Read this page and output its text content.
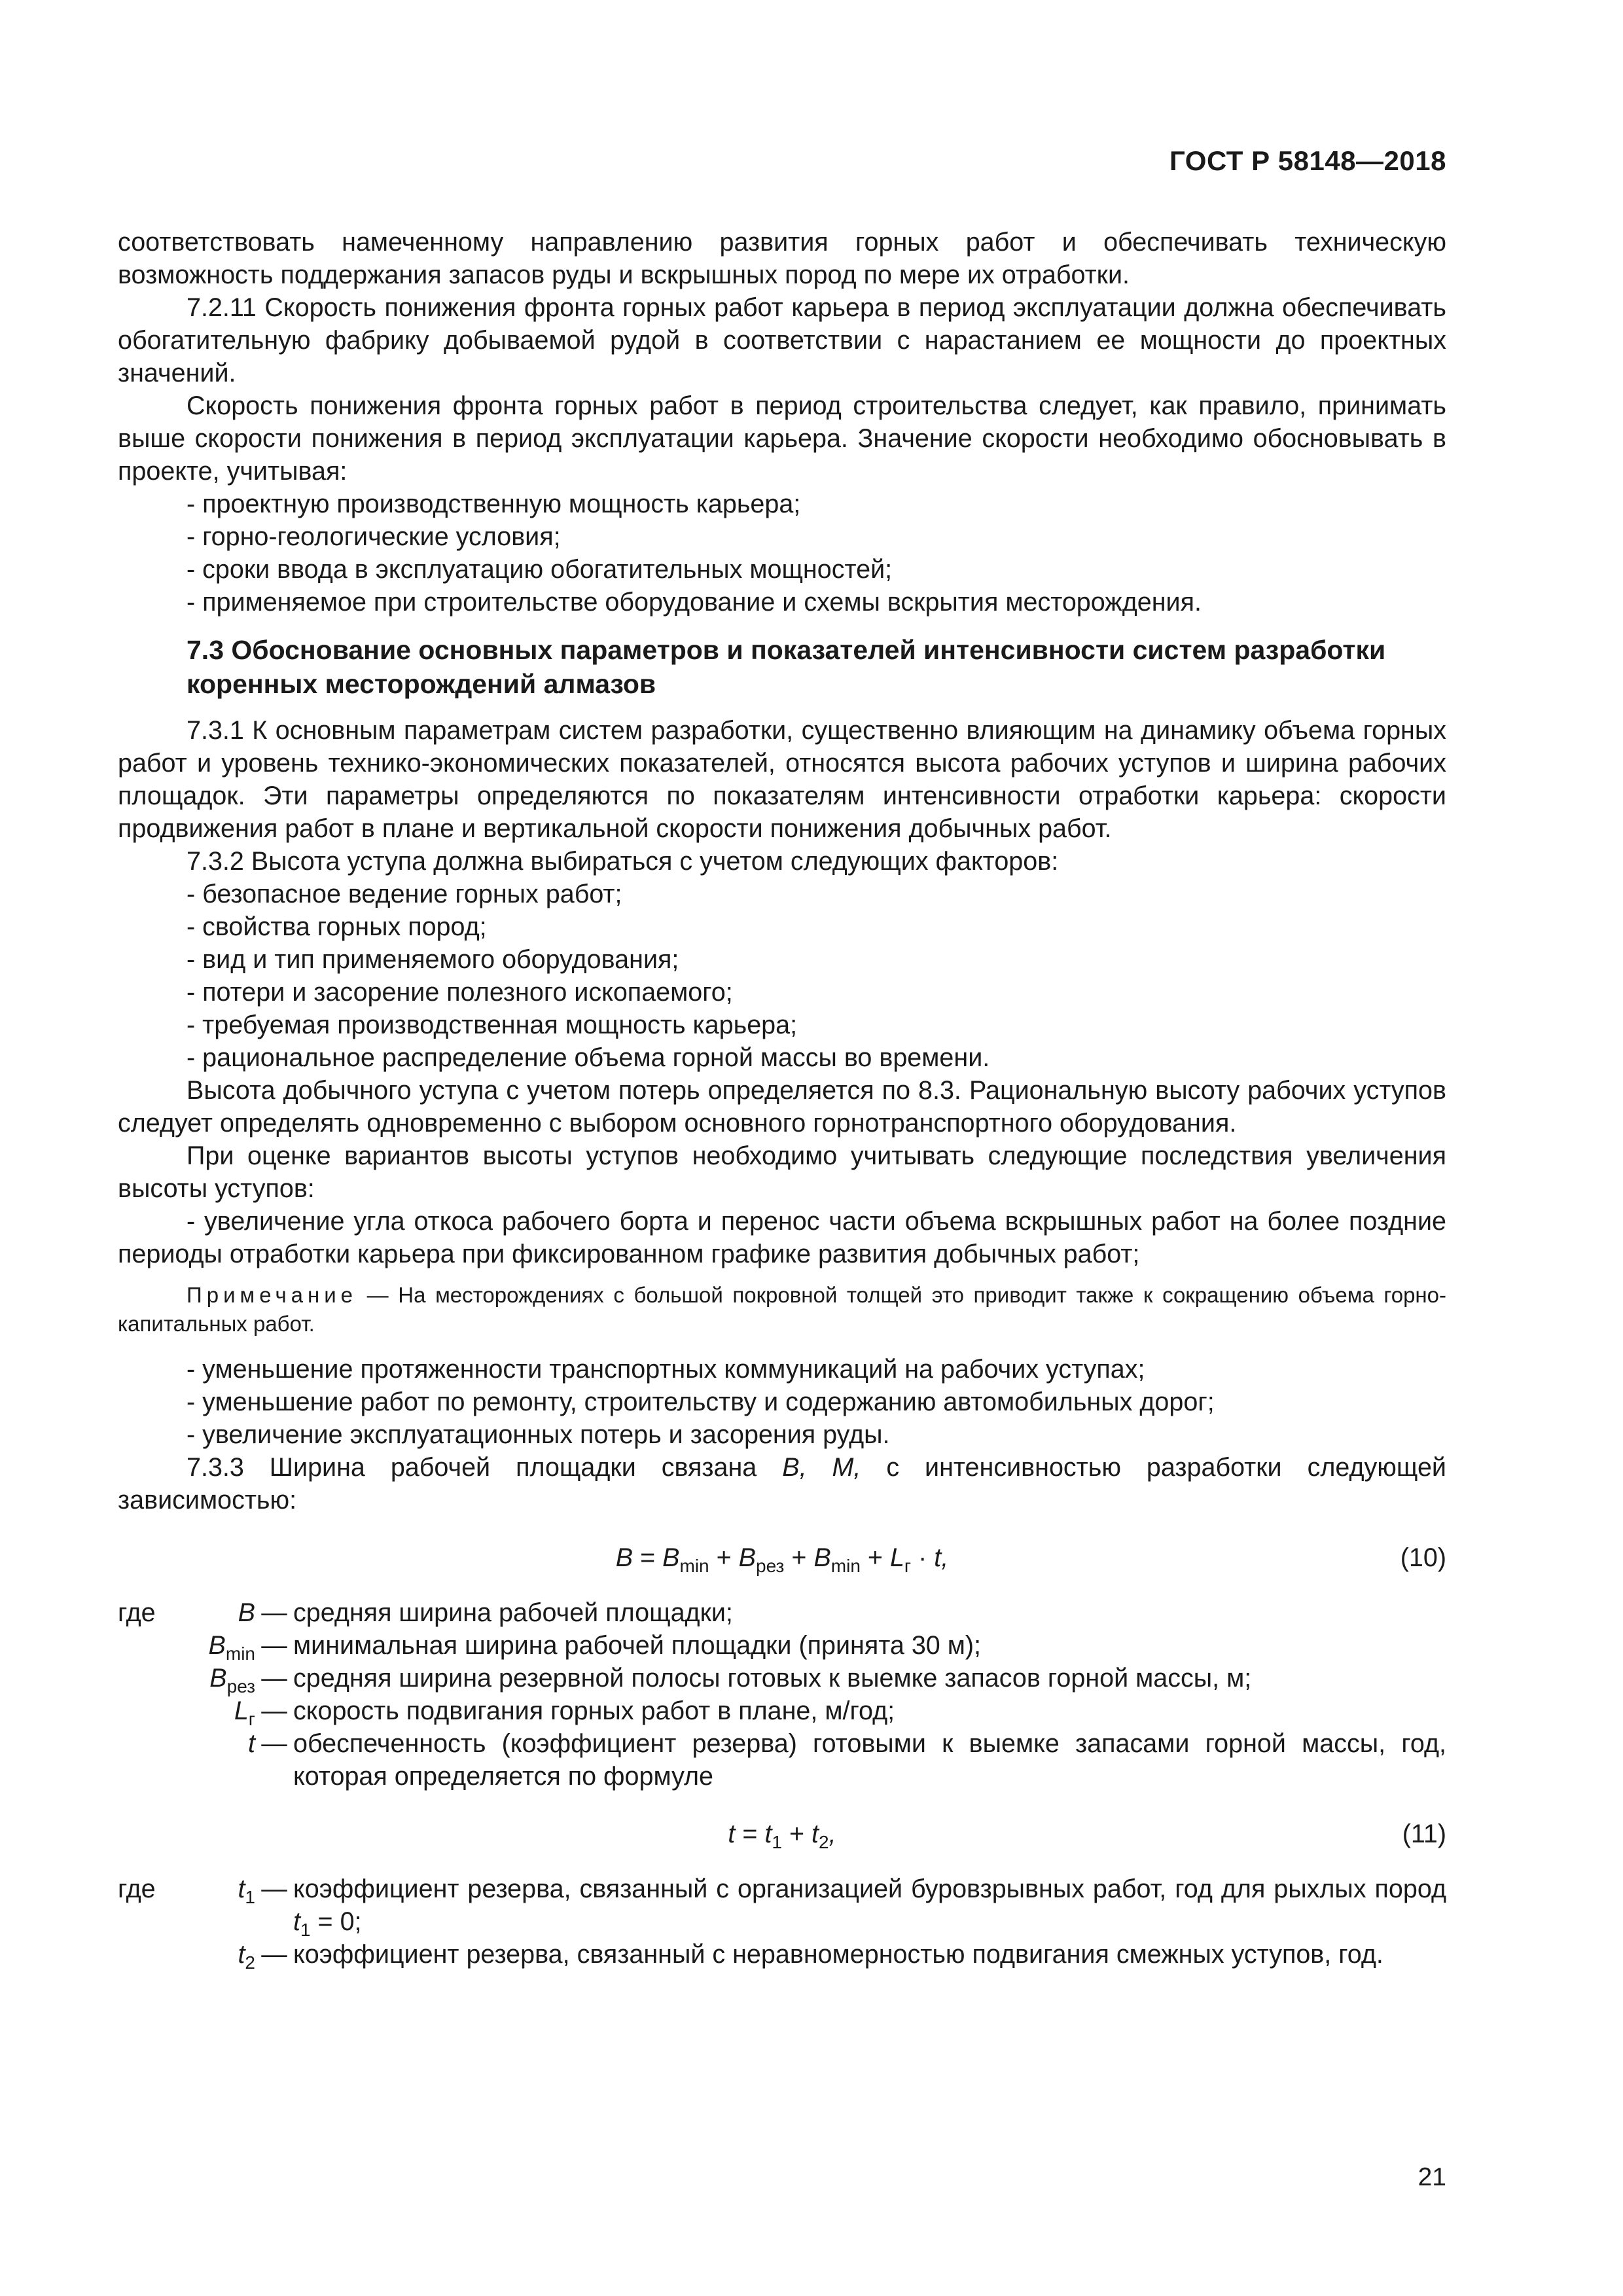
ГОСТ Р 58148—2018

соответствовать намеченному направлению развития горных работ и обеспечивать техническую возможность поддержания запасов руды и вскрышных пород по мере их отработки.

7.2.11 Скорость понижения фронта горных работ карьера в период эксплуатации должна обеспечивать обогатительную фабрику добываемой рудой в соответствии с нарастанием ее мощности до проектных значений.

Скорость понижения фронта горных работ в период строительства следует, как правило, принимать выше скорости понижения в период эксплуатации карьера. Значение скорости необходимо обосновывать в проекте, учитывая:

- проектную производственную мощность карьера;

- горно-геологические условия;

- сроки ввода в эксплуатацию обогатительных мощностей;

- применяемое при строительстве оборудование и схемы вскрытия месторождения.

7.3 Обоснование основных параметров и показателей интенсивности систем разработки коренных месторождений алмазов

7.3.1 К основным параметрам систем разработки, существенно влияющим на динамику объема горных работ и уровень технико-экономических показателей, относятся высота рабочих уступов и ширина рабочих площадок. Эти параметры определяются по показателям интенсивности отработки карьера: скорости продвижения работ в плане и вертикальной скорости понижения добычных работ.

7.3.2 Высота уступа должна выбираться с учетом следующих факторов:

- безопасное ведение горных работ;

- свойства горных пород;

- вид и тип применяемого оборудования;

- потери и засорение полезного ископаемого;

- требуемая производственная мощность карьера;

- рациональное распределение объема горной массы во времени.

Высота добычного уступа с учетом потерь определяется по 8.3. Рациональную высоту рабочих уступов следует определять одновременно с выбором основного горнотранспортного оборудования.

При оценке вариантов высоты уступов необходимо учитывать следующие последствия увеличения высоты уступов:

- увеличение угла откоса рабочего борта и перенос части объема вскрышных работ на более поздние периоды отработки карьера при фиксированном графике развития добычных работ;

Примечание — На месторождениях с большой покровной толщей это приводит также к сокращению объема горно-капитальных работ.

- уменьшение протяженности транспортных коммуникаций на рабочих уступах;

- уменьшение работ по ремонту, строительству и содержанию автомобильных дорог;

- увеличение эксплуатационных потерь и засорения руды.

7.3.3 Ширина рабочей площадки связана B, M, с интенсивностью разработки следующей зависимостью:

$B = B_{min} + B_{рез} + B_{min} + L_г \cdot t$,	(10)
где	B — средняя ширина рабочей площадки;
$B_{min}$ — минимальная ширина рабочей площадки (принята 30 м);
$B_{рез}$ — средняя ширина резервной полосы готовых к выемке запасов горной массы, м;
$L_г$ — скорость подвигания горных работ в плане, м/год;
t — обеспеченность (коэффициент резерва) готовыми к выемке запасами горной массы, год, которая определяется по формуле
$t = t_1 + t_2$,	(11)
где	$t_1$ — коэффициент резерва, связанный с организацией буровзрывных работ, год для рыхлых пород $t_1 = 0$;
$t_2$ — коэффициент резерва, связанный с неравномерностью подвигания смежных уступов, год.
21
